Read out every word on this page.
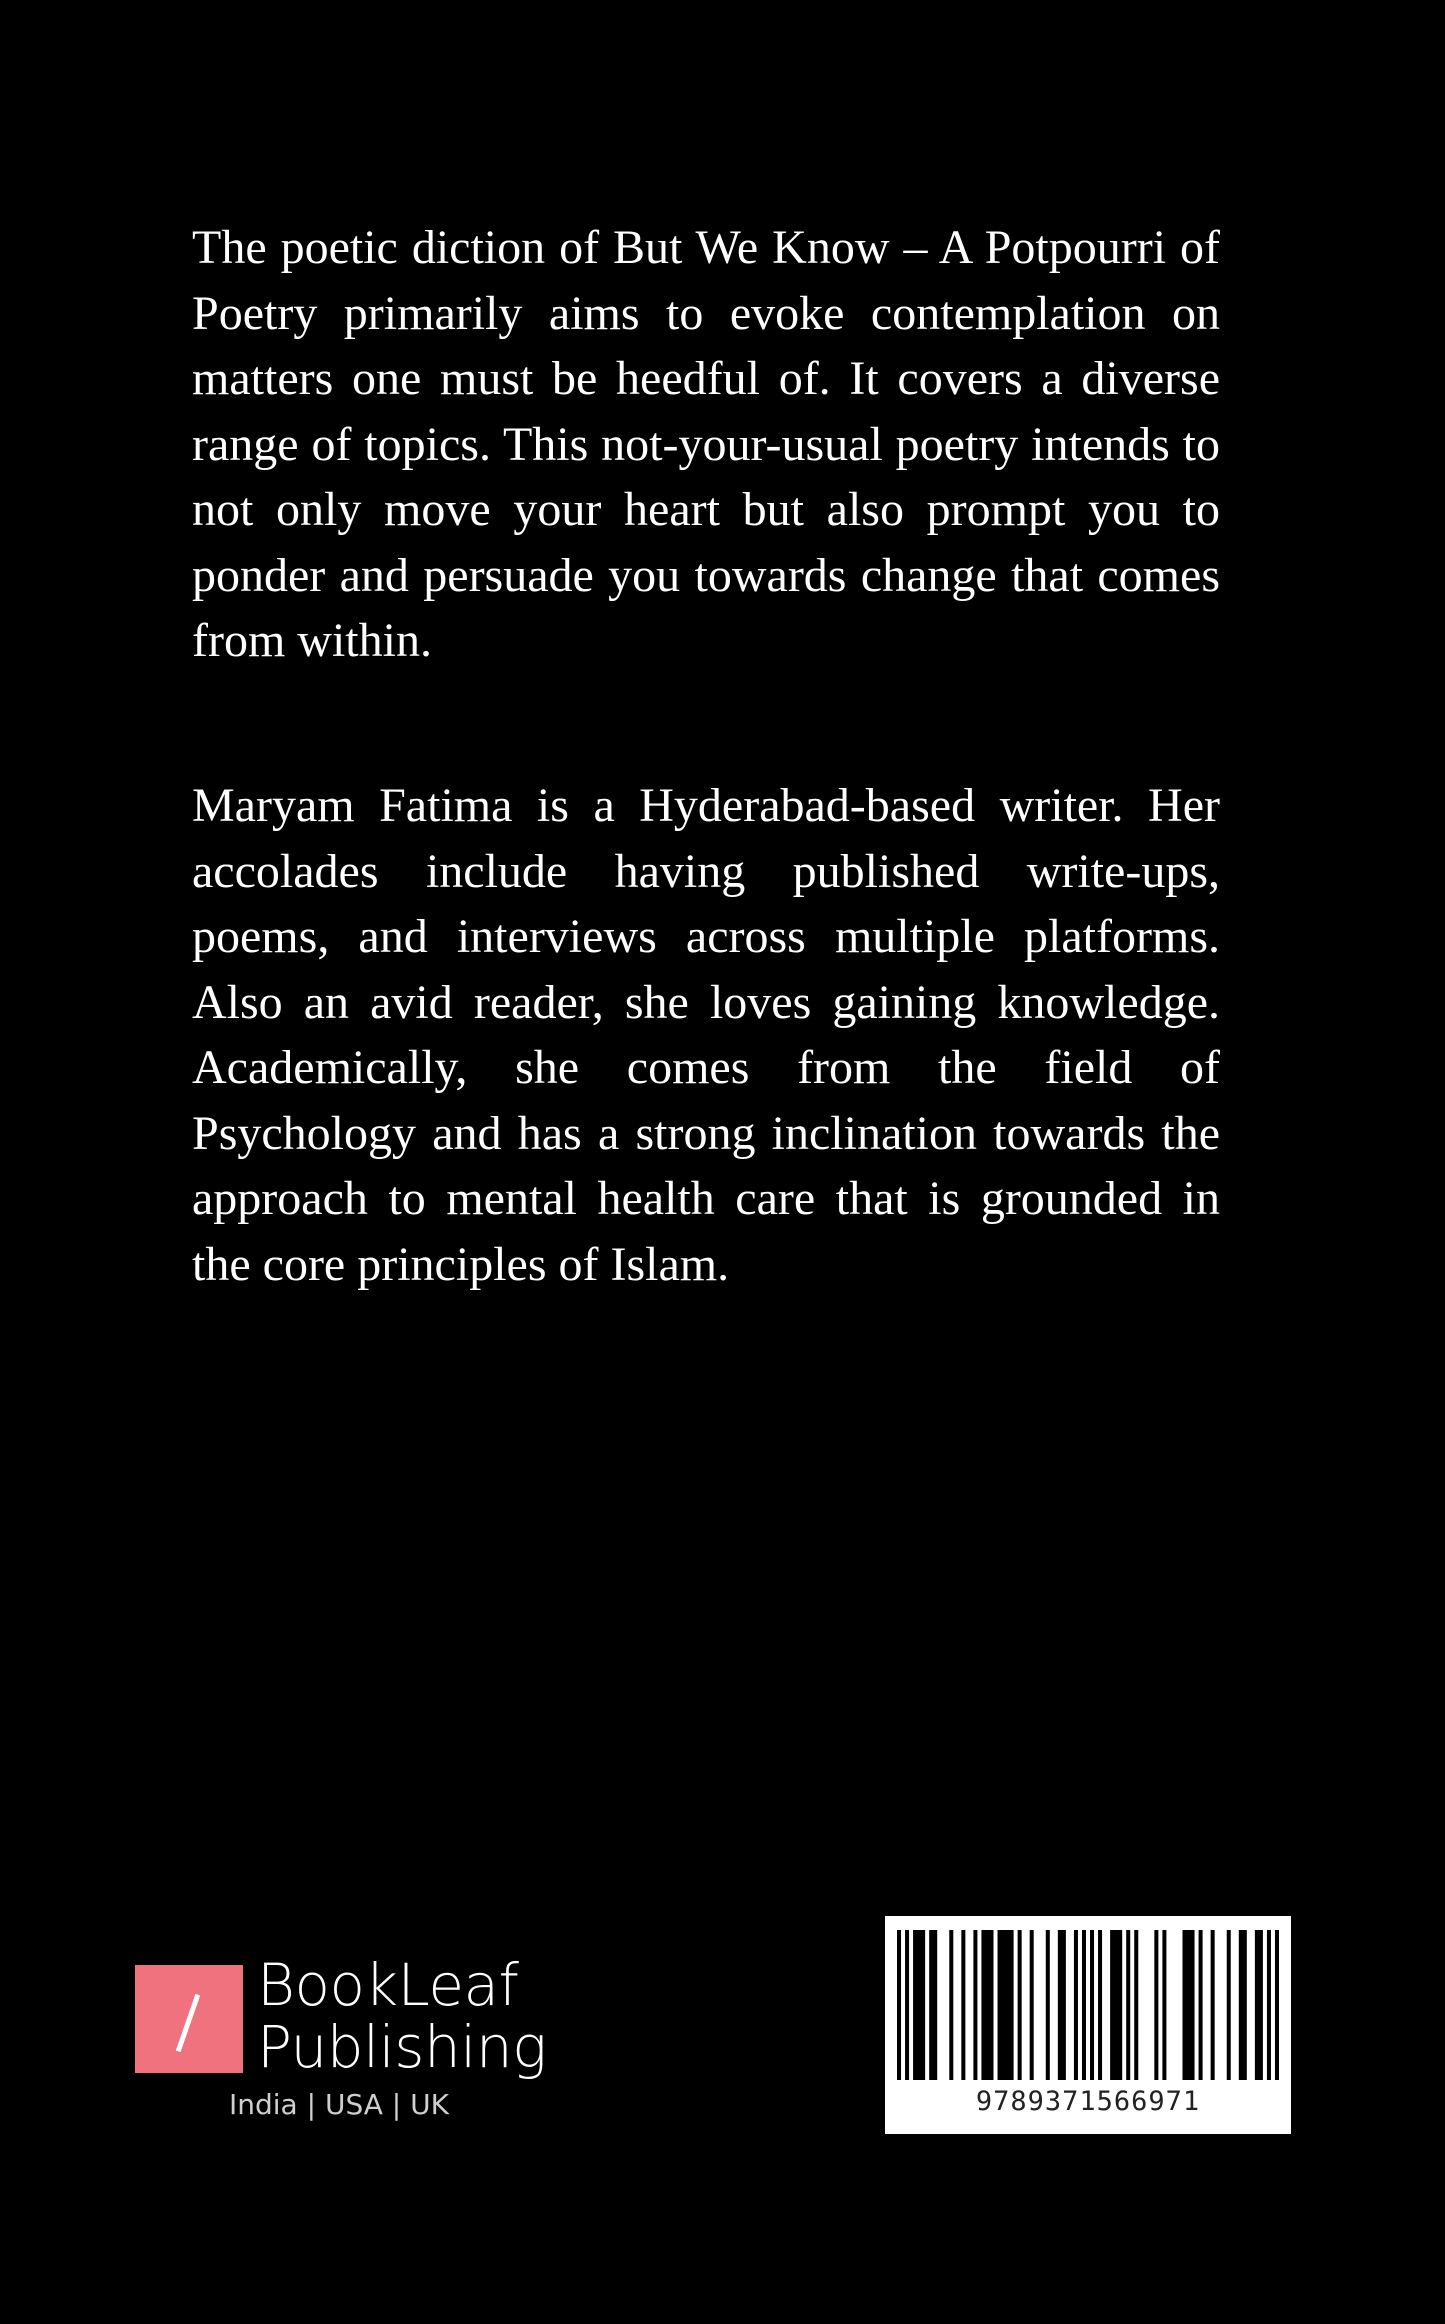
The poetic diction of But We Know – A Potpourri of Poetry primarily aims to evoke contemplation on matters one must be heedful of. It covers a diverse range of topics. This not-your-usual poetry intends to not only move your heart but also prompt you to ponder and persuade you towards change that comes from within.

Maryam Fatima is a Hyderabad-based writer. Her accolades include having published write-ups, poems, and interviews across multiple platforms. Also an avid reader, she loves gaining knowledge. Academically, she comes from the field of Psychology and has a strong inclination towards the approach to mental health care that is grounded in the core principles of Islam.

BookLeaf
Publishing
India | USA | UK	9789371566971
